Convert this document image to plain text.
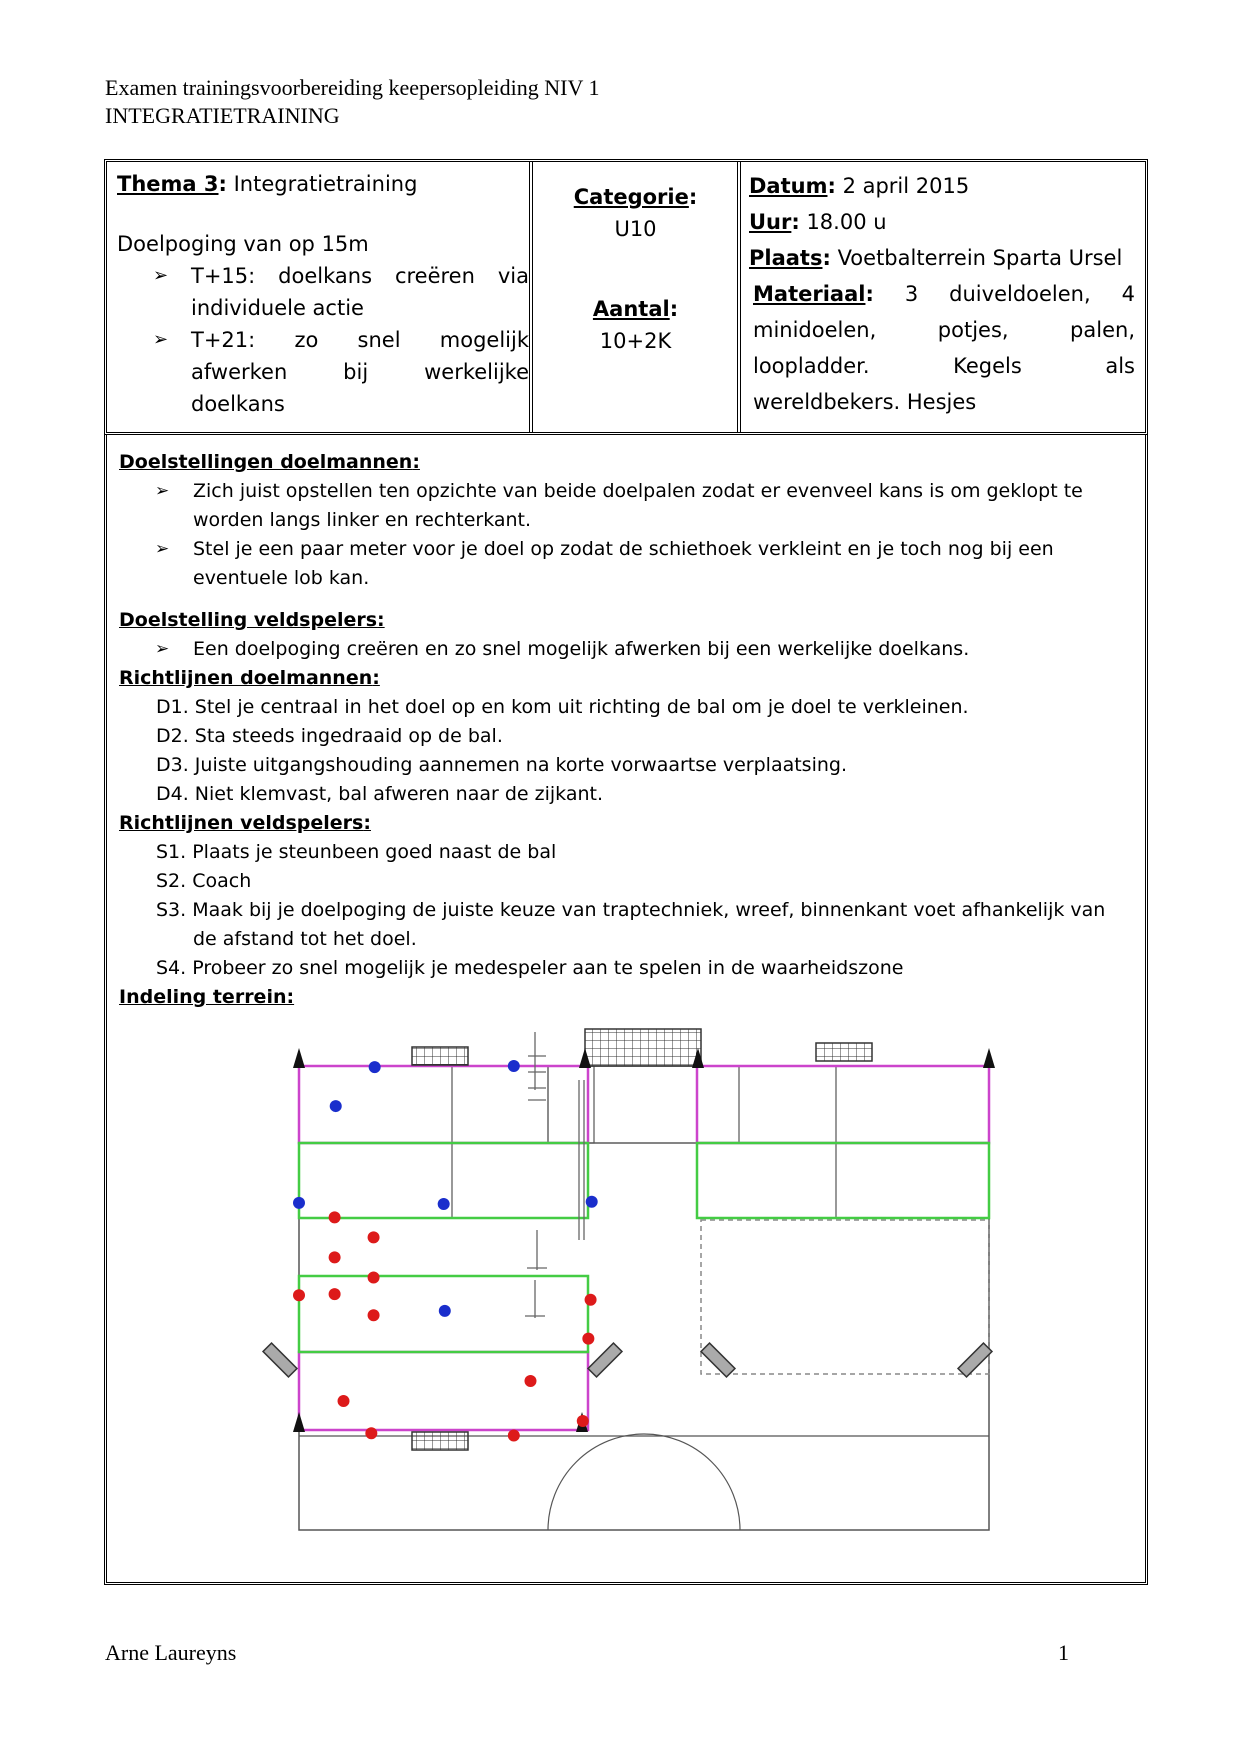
Examen trainingsvoorbereiding keepersopleiding NIV 1
INTEGRATIETRAINING
Thema 3: Integratietraining
Doelpoging van op 15m
➢ T+15: doelkans creëren via individuele actie
➢ T+21: zo snel mogelijk afwerken bij werkelijke doelkans
Categorie:
U10
Aantal:
10+2K
Datum: 2 april 2015
Uur: 18.00 u
Plaats: Voetbalterrein Sparta Ursel
Materiaal: 3 duiveldoelen, 4 minidoelen, potjes, palen, loopladder. Kegels als wereldbekers. Hesjes
Doelstellingen doelmannen:
➢ Zich juist opstellen ten opzichte van beide doelpalen zodat er evenveel kans is om geklopt te worden langs linker en rechterkant.
➢ Stel je een paar meter voor je doel op zodat de schiethoek verkleint en je toch nog bij een eventuele lob kan.
Doelstelling veldspelers:
➢ Een doelpoging creëren en zo snel mogelijk afwerken bij een werkelijke doelkans.
Richtlijnen doelmannen:
D1. Stel je centraal in het doel op en kom uit richting de bal om je doel te verkleinen.
D2. Sta steeds ingedraaid op de bal.
D3. Juiste uitgangshouding aannemen na korte vorwaartse verplaatsing.
D4. Niet klemvast, bal afweren naar de zijkant.
Richtlijnen veldspelers:
S1. Plaats je steunbeen goed naast de bal
S2. Coach
S3. Maak bij je doelpoging de juiste keuze van traptechniek, wreef, binnenkant voet afhankelijk van
de afstand tot het doel.
S4. Probeer zo snel mogelijk je medespeler aan te spelen in de waarheidszone
Indeling terrein:
Arne Laureyns	1
